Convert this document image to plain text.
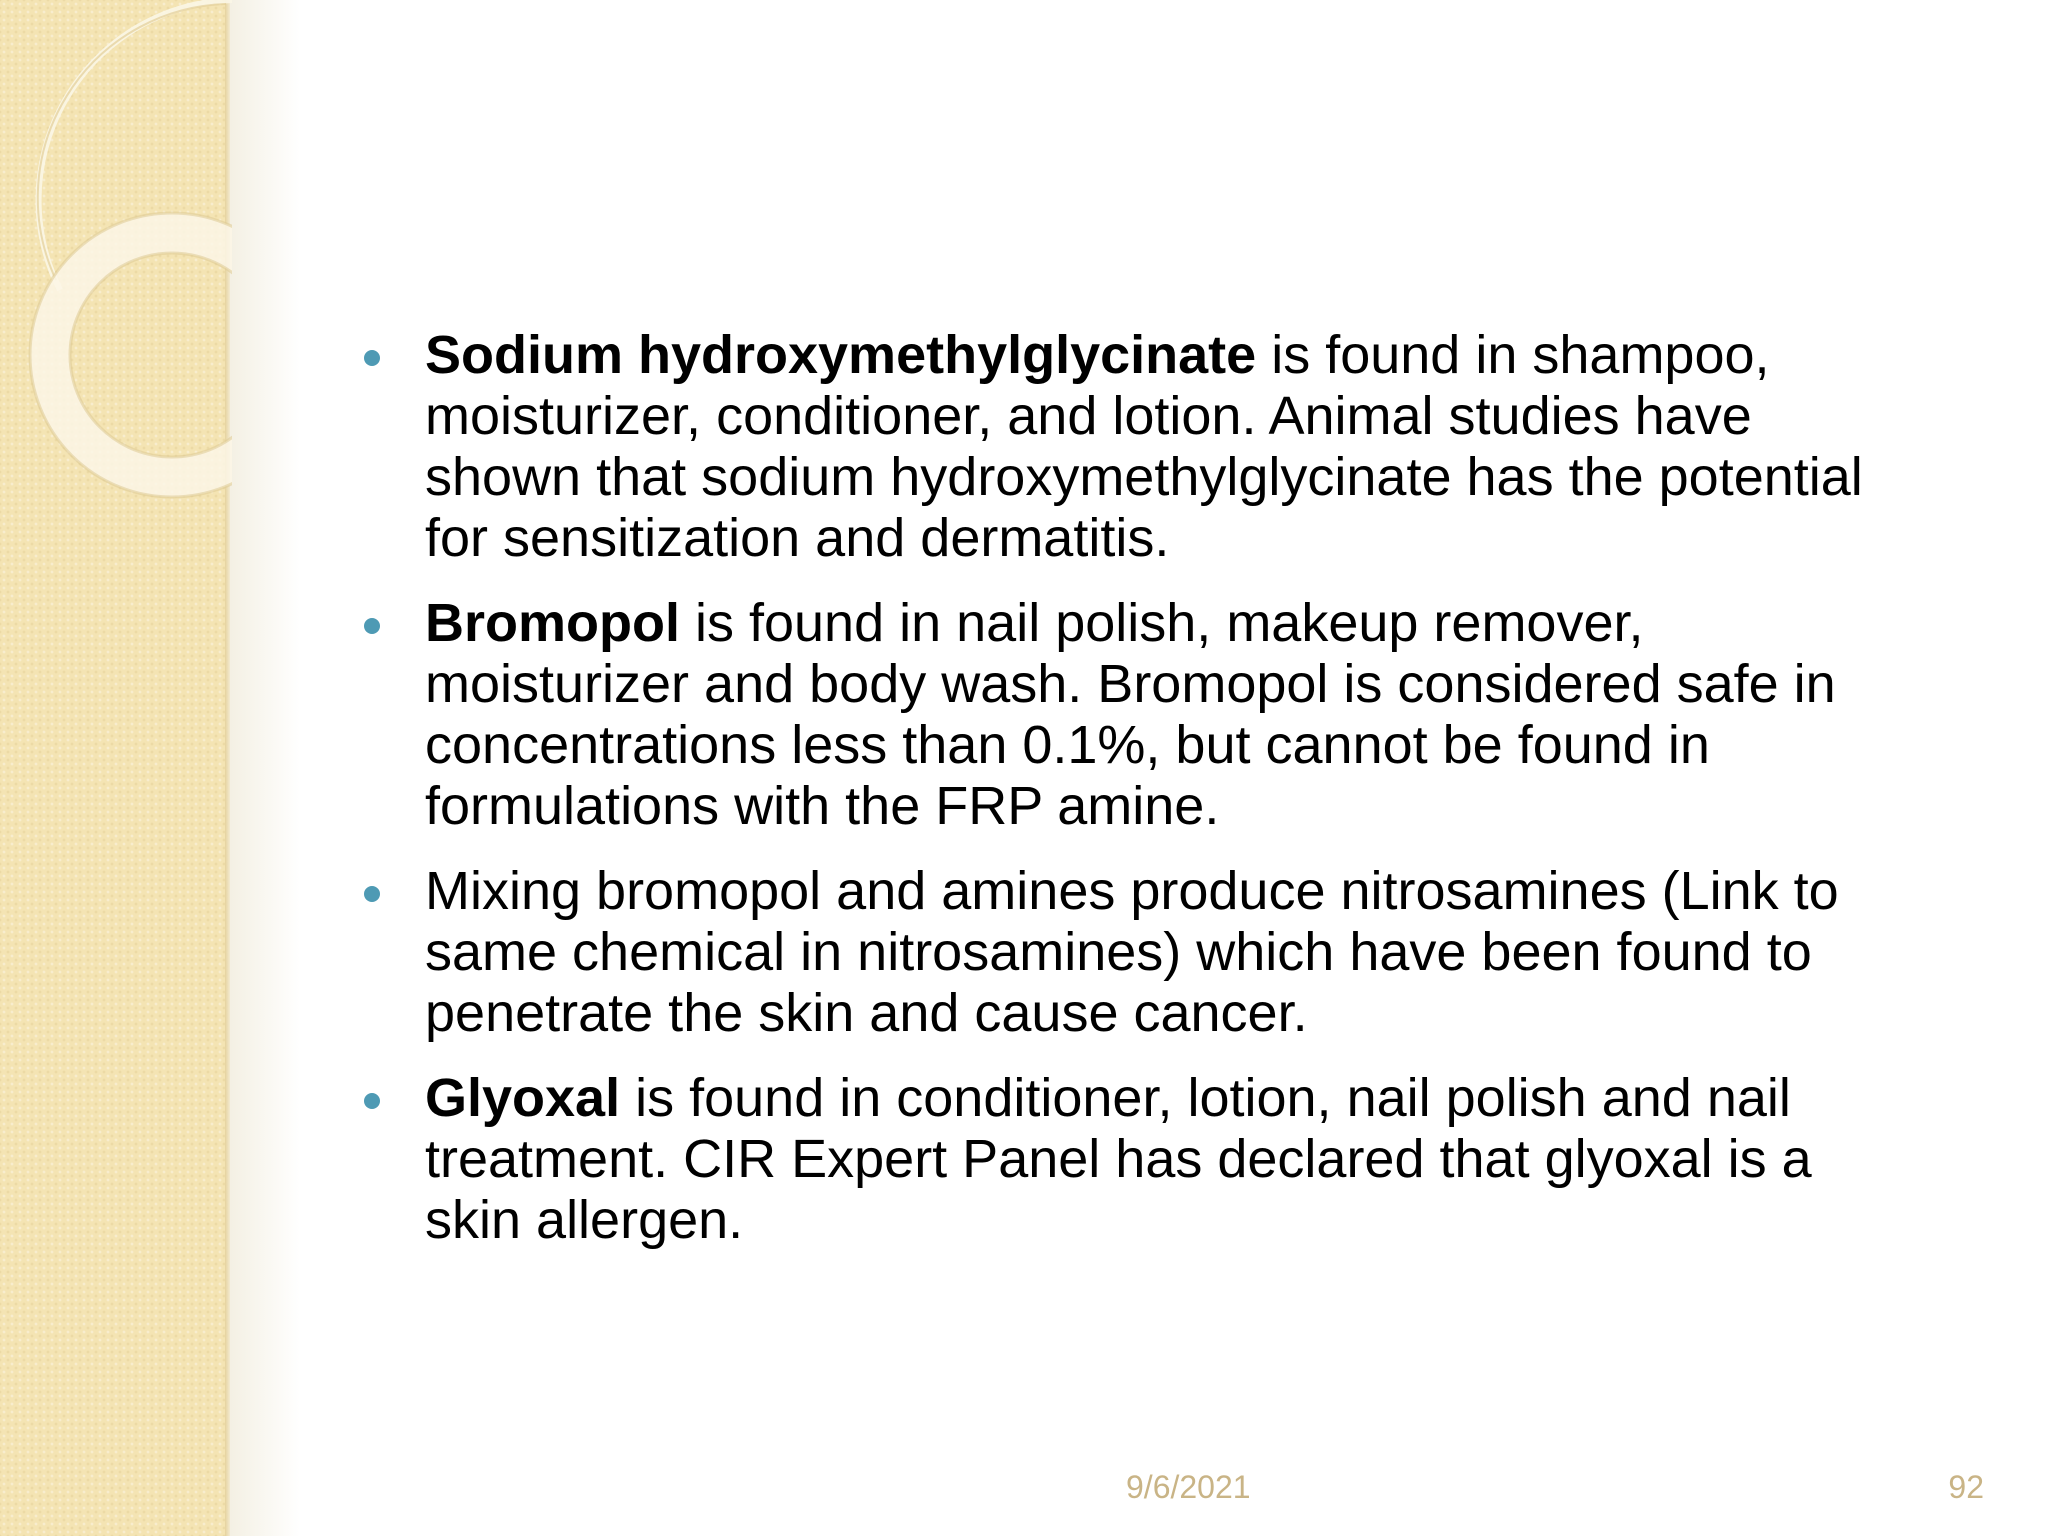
Sodium hydroxymethylglycinate is found in shampoo, moisturizer, conditioner, and lotion. Animal studies have shown that sodium hydroxymethylglycinate has the potential for sensitization and dermatitis.
Bromopol is found in nail polish, makeup remover, moisturizer and body wash. Bromopol is considered safe in concentrations less than 0.1%, but cannot be found in formulations with the FRP amine.
Mixing bromopol and amines produce nitrosamines (Link to same chemical in nitrosamines) which have been found to penetrate the skin and cause cancer.
Glyoxal is found in conditioner, lotion, nail polish and nail treatment. CIR Expert Panel has declared that glyoxal is a skin allergen.
9/6/2021	92
